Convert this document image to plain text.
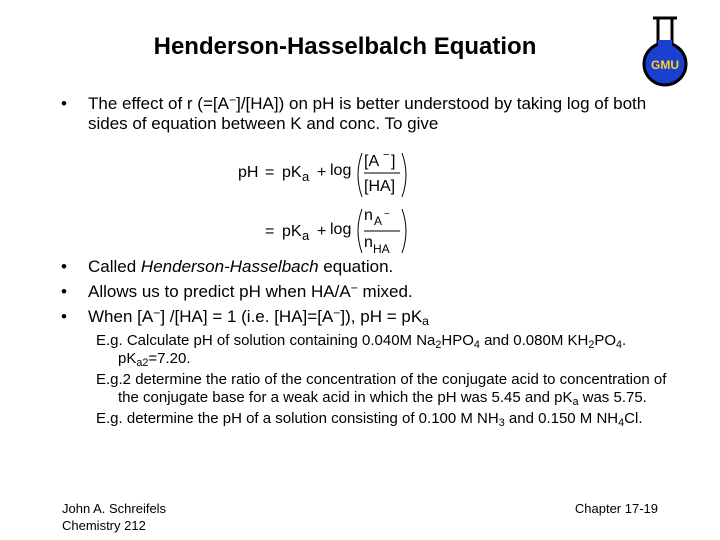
Henderson-Hasselbalch Equation
GMU
• The effect of r (=[A−]/[HA]) on pH is better understood by taking log of both sides of equation between K and conc. To give
• Called Henderson-Hasselbach equation.
• Allows us to predict pH when HA/A− mixed.
• When [A−] /[HA] = 1 (i.e. [HA]=[A−]), pH = $pK_a$
pH = pK a + log
[A − ]
[HA]
= pK a + log
n A −
n HA
E.g. Calculate pH of solution containing 0.040M $Na_2HPO_4$ and 0.080M $KH_2PO_4$. $pK_{a2}=7.20$.
E.g.2 determine the ratio of the concentration of the conjugate acid to concentration of the conjugate base for a weak acid in which the pH was 5.45 and $pK_a$ was 5.75.
E.g. determine the pH of a solution consisting of 0.100 M $NH_3$ and 0.150 M $NH_4Cl$.
John A. Schreifels
Chemistry 212
Chapter 17-19
